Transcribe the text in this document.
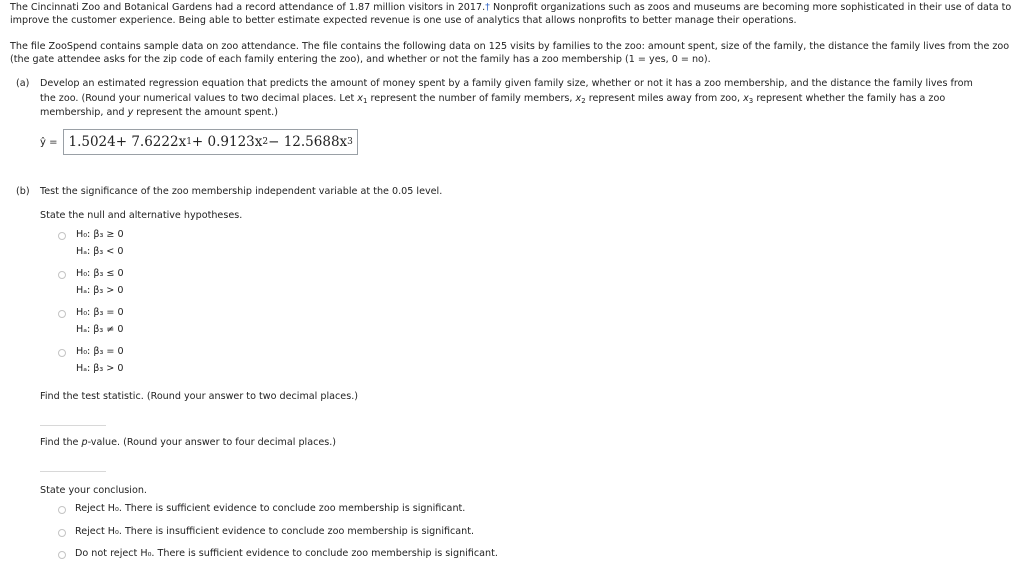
The Cincinnati Zoo and Botanical Gardens had a record attendance of 1.87 million visitors in 2017.† Nonprofit organizations such as zoos and museums are becoming more sophisticated in their use of data to improve the customer experience. Being able to better estimate expected revenue is one use of analytics that allows nonprofits to better manage their operations.

The file ZooSpend contains sample data on zoo attendance. The file contains the following data on 125 visits by families to the zoo: amount spent, size of the family, the distance the family lives from the zoo (the gate attendee asks for the zip code of each family entering the zoo), and whether or not the family has a zoo membership (1 = yes, 0 = no).

(a) Develop an estimated regression equation that predicts the amount of money spent by a family given family size, whether or not it has a zoo membership, and the distance the family lives from
the zoo. (Round your numerical values to two decimal places. Let $x_1$ represent the number of family members, $x_2$ represent miles away from zoo, $x_3$ represent whether the family has a zoo
membership, and y represent the amount spent.)
ŷ = 1.5024 + 7.6222x 1 + 0.9123x 2 − 12.5688x 3
(b) Test the significance of the zoo membership independent variable at the 0.05 level.
State the null and alternative hypotheses.
H₀: β₃ ≥ 0
Hₐ: β₃ < 0
H₀: β₃ ≤ 0
Hₐ: β₃ > 0
H₀: β₃ = 0
Hₐ: β₃ ≠ 0
H₀: β₃ = 0
Hₐ: β₃ > 0
Find the test statistic. (Round your answer to two decimal places.)
Find the p-value. (Round your answer to four decimal places.)
State your conclusion.
Reject H₀. There is sufficient evidence to conclude zoo membership is significant.
Reject H₀. There is insufficient evidence to conclude zoo membership is significant.
Do not reject H₀. There is sufficient evidence to conclude zoo membership is significant.
